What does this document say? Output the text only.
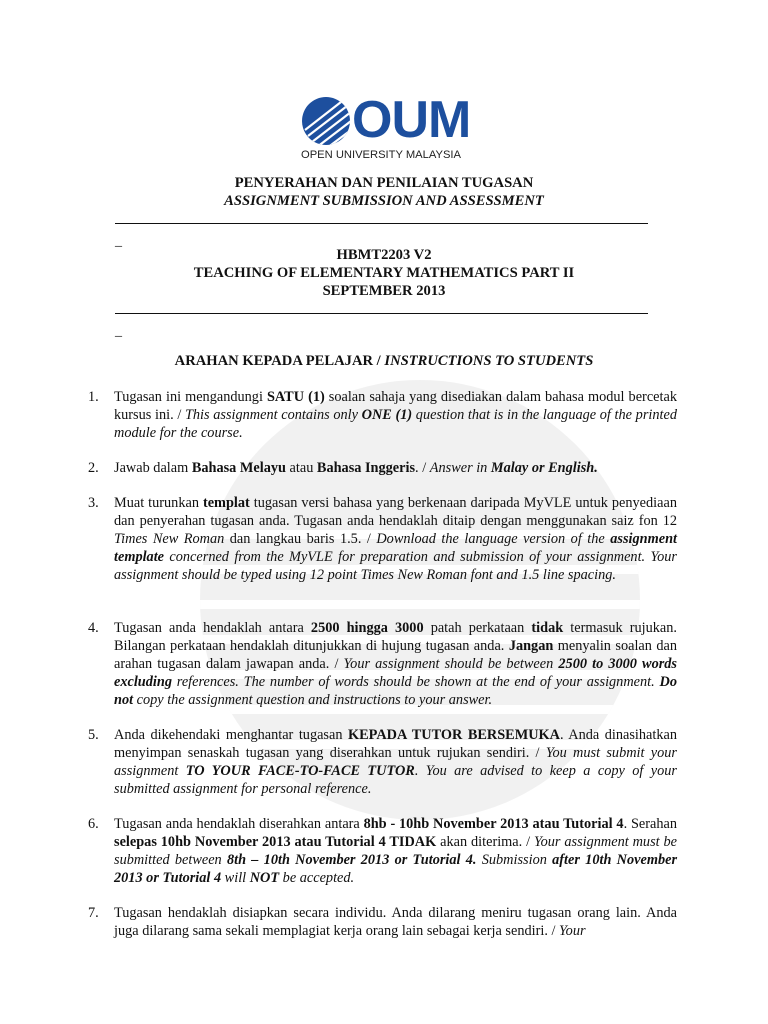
OUM
OPEN UNIVERSITY MALAYSIA
PENYERAHAN DAN PENILAIAN TUGASAN
ASSIGNMENT SUBMISSION AND ASSESSMENT
_
HBMT2203 V2
TEACHING OF ELEMENTARY MATHEMATICS PART II
SEPTEMBER 2013
_
ARAHAN KEPADA PELAJAR / INSTRUCTIONS TO STUDENTS
1.	Tugasan ini mengandungi SATU (1) soalan sahaja yang disediakan dalam bahasa modul bercetak kursus ini. / This assignment contains only ONE (1) question that is in the language of the printed module for the course.
2.	Jawab dalam Bahasa Melayu atau Bahasa Inggeris. / Answer in Malay or English.
3.	Muat turunkan templat tugasan versi bahasa yang berkenaan daripada MyVLE untuk penyediaan dan penyerahan tugasan anda. Tugasan anda hendaklah ditaip dengan menggunakan saiz fon 12 Times New Roman dan langkau baris 1.5. / Download the language version of the assignment template concerned from the MyVLE for preparation and submission of your assignment. Your assignment should be typed using 12 point Times New Roman font and 1.5 line spacing.
4.	Tugasan anda hendaklah antara 2500 hingga 3000 patah perkataan tidak termasuk rujukan. Bilangan perkataan hendaklah ditunjukkan di hujung tugasan anda. Jangan menyalin soalan dan arahan tugasan dalam jawapan anda. / Your assignment should be between 2500 to 3000 words excluding references. The number of words should be shown at the end of your assignment. Do not copy the assignment question and instructions to your answer.
5.	Anda dikehendaki menghantar tugasan KEPADA TUTOR BERSEMUKA. Anda dinasihatkan menyimpan senaskah tugasan yang diserahkan untuk rujukan sendiri. / You must submit your assignment TO YOUR FACE-TO-FACE TUTOR. You are advised to keep a copy of your submitted assignment for personal reference.
6.	Tugasan anda hendaklah diserahkan antara 8hb - 10hb November 2013 atau Tutorial 4. Serahan selepas 10hb November 2013 atau Tutorial 4 TIDAK akan diterima. / Your assignment must be submitted between 8th – 10th November 2013 or Tutorial 4. Submission after 10th November 2013 or Tutorial 4 will NOT be accepted.
7.	Tugasan hendaklah disiapkan secara individu. Anda dilarang meniru tugasan orang lain. Anda juga dilarang sama sekali memplagiat kerja orang lain sebagai kerja sendiri. / Your
